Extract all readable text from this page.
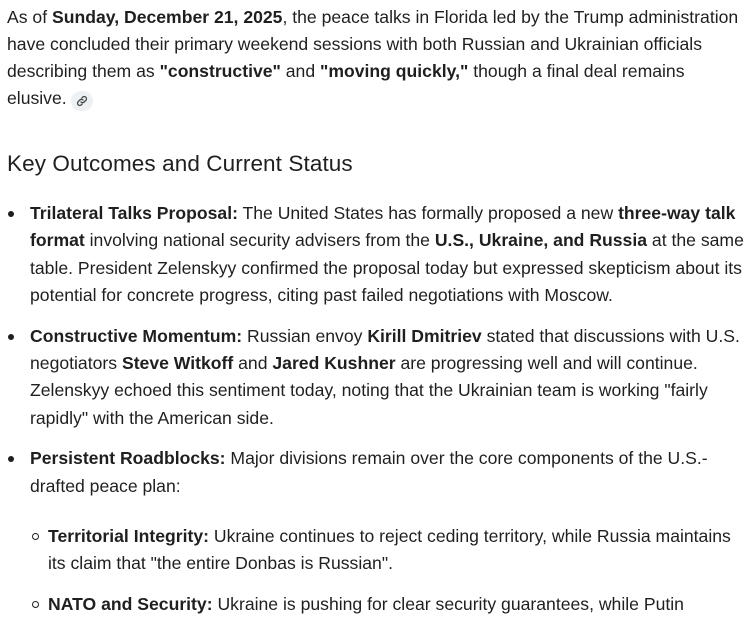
As of Sunday, December 21, 2025, the peace talks in Florida led by the Trump administration have concluded their primary weekend sessions with both Russian and Ukrainian officials describing them as "constructive" and "moving quickly," though a final deal remains elusive.

Key Outcomes and Current Status
Trilateral Talks Proposal: The United States has formally proposed a new three-way talk format involving national security advisers from the U.S., Ukraine, and Russia at the same table. President Zelenskyy confirmed the proposal today but expressed skepticism about its potential for concrete progress, citing past failed negotiations with Moscow.
Constructive Momentum: Russian envoy Kirill Dmitriev stated that discussions with U.S. negotiators Steve Witkoff and Jared Kushner are progressing well and will continue. Zelenskyy echoed this sentiment today, noting that the Ukrainian team is working "fairly rapidly" with the American side.
Persistent Roadblocks: Major divisions remain over the core components of the U.S.-drafted peace plan:
Territorial Integrity: Ukraine continues to reject ceding territory, while Russia maintains its claim that "the entire Donbas is Russian".
NATO and Security: Ukraine is pushing for clear security guarantees, while Putin
